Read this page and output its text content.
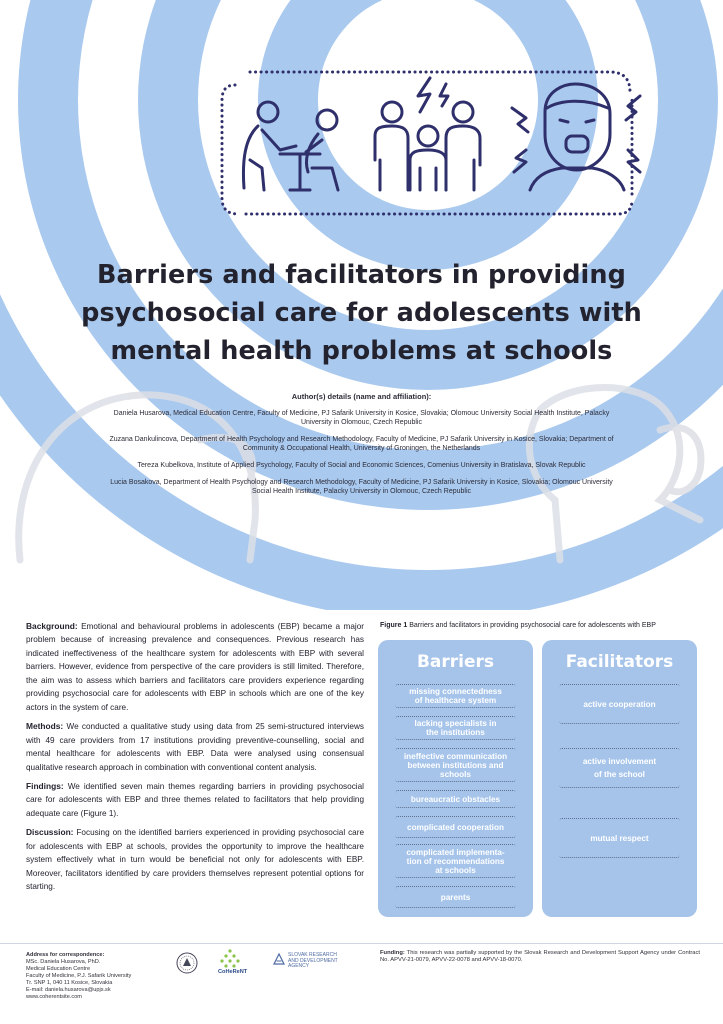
Barriers and facilitators in providing
psychosocial care for adolescents with
mental health problems at schools
Author(s) details (name and affiliation):
Daniela Husarova, Medical Education Centre, Faculty of Medicine, PJ Safarik University in Kosice, Slovakia; Olomouc University Social Health Institute, Palacky University in Olomouc, Czech Republic
Zuzana Dankulincova, Department of Health Psychology and Research Methodology, Faculty of Medicine, PJ Safarik University in Kosice, Slovakia; Department of Community & Occupational Health, University of Groningen, the Netherlands
Tereza Kubelkova, Institute of Applied Psychology, Faculty of Social and Economic Sciences, Comenius University in Bratislava, Slovak Republic
Lucia Bosakova, Department of Health Psychology and Research Methodology, Faculty of Medicine, PJ Safarik University in Kosice, Slovakia; Olomouc University Social Health Institute, Palacky University in Olomouc, Czech Republic

Background: Emotional and behavioural problems in adolescents (EBP) became a major problem because of increasing prevalence and consequences. Previous research has indicated ineffectiveness of the healthcare system for adolescents with EBP with several barriers. However, evidence from perspective of the care providers is still limited. Therefore, the aim was to assess which barriers and facilitators care providers experience regarding providing psychosocial care for adolescents with EBP in schools which are one of the key actors in the system of care.

Methods: We conducted a qualitative study using data from 25 semi-structured interviews with 49 care providers from 17 institutions providing preventive-counselling, social and mental healthcare for adolescents with EBP. Data were analysed using consensual qualitative research approach in combination with conventional content analysis.

Findings: We identified seven main themes regarding barriers in providing psychosocial care for adolescents with EBP and three themes related to facilitators that help providing adequate care (Figure 1).

Discussion: Focusing on the identified barriers experienced in providing psychosocial care for adolescents with EBP at schools, provides the opportunity to improve the healthcare system effectively what in turn would be beneficial not only for adolescents with EBP. Moreover, facilitators identified by care providers themselves represent potential options for starting.

Figure 1 Barriers and facilitators in providing psychosocial care for adolescents with EBP
Barriers
missing connectedness
of healthcare system
lacking specialists in
the institutions
ineffective communication
between institutions and
schools
bureaucratic obstacles
complicated cooperation
complicated implementa-
tion of recommendations
at schools
parents
Facilitators
active cooperation
active involvement
of the school
mutual respect
Address for correspondence:
MSc. Daniela Husarova, PhD.
Medical Education Centre
Faculty of Medicine, P.J. Safarik University
Tr. SNP 1, 040 11 Kosice, Slovakia
E-mail: daniela.husarova@upjs.sk
www.coherentsite.com
CoHeReNT
SLOVAK RESEARCH
AND DEVELOPMENT
AGENCY
Funding: This research was partially supported by the Slovak Research and Development Support Agency under Contract No. APVV-21-0079, APVV-22-0078 and APVV-18-0070.
